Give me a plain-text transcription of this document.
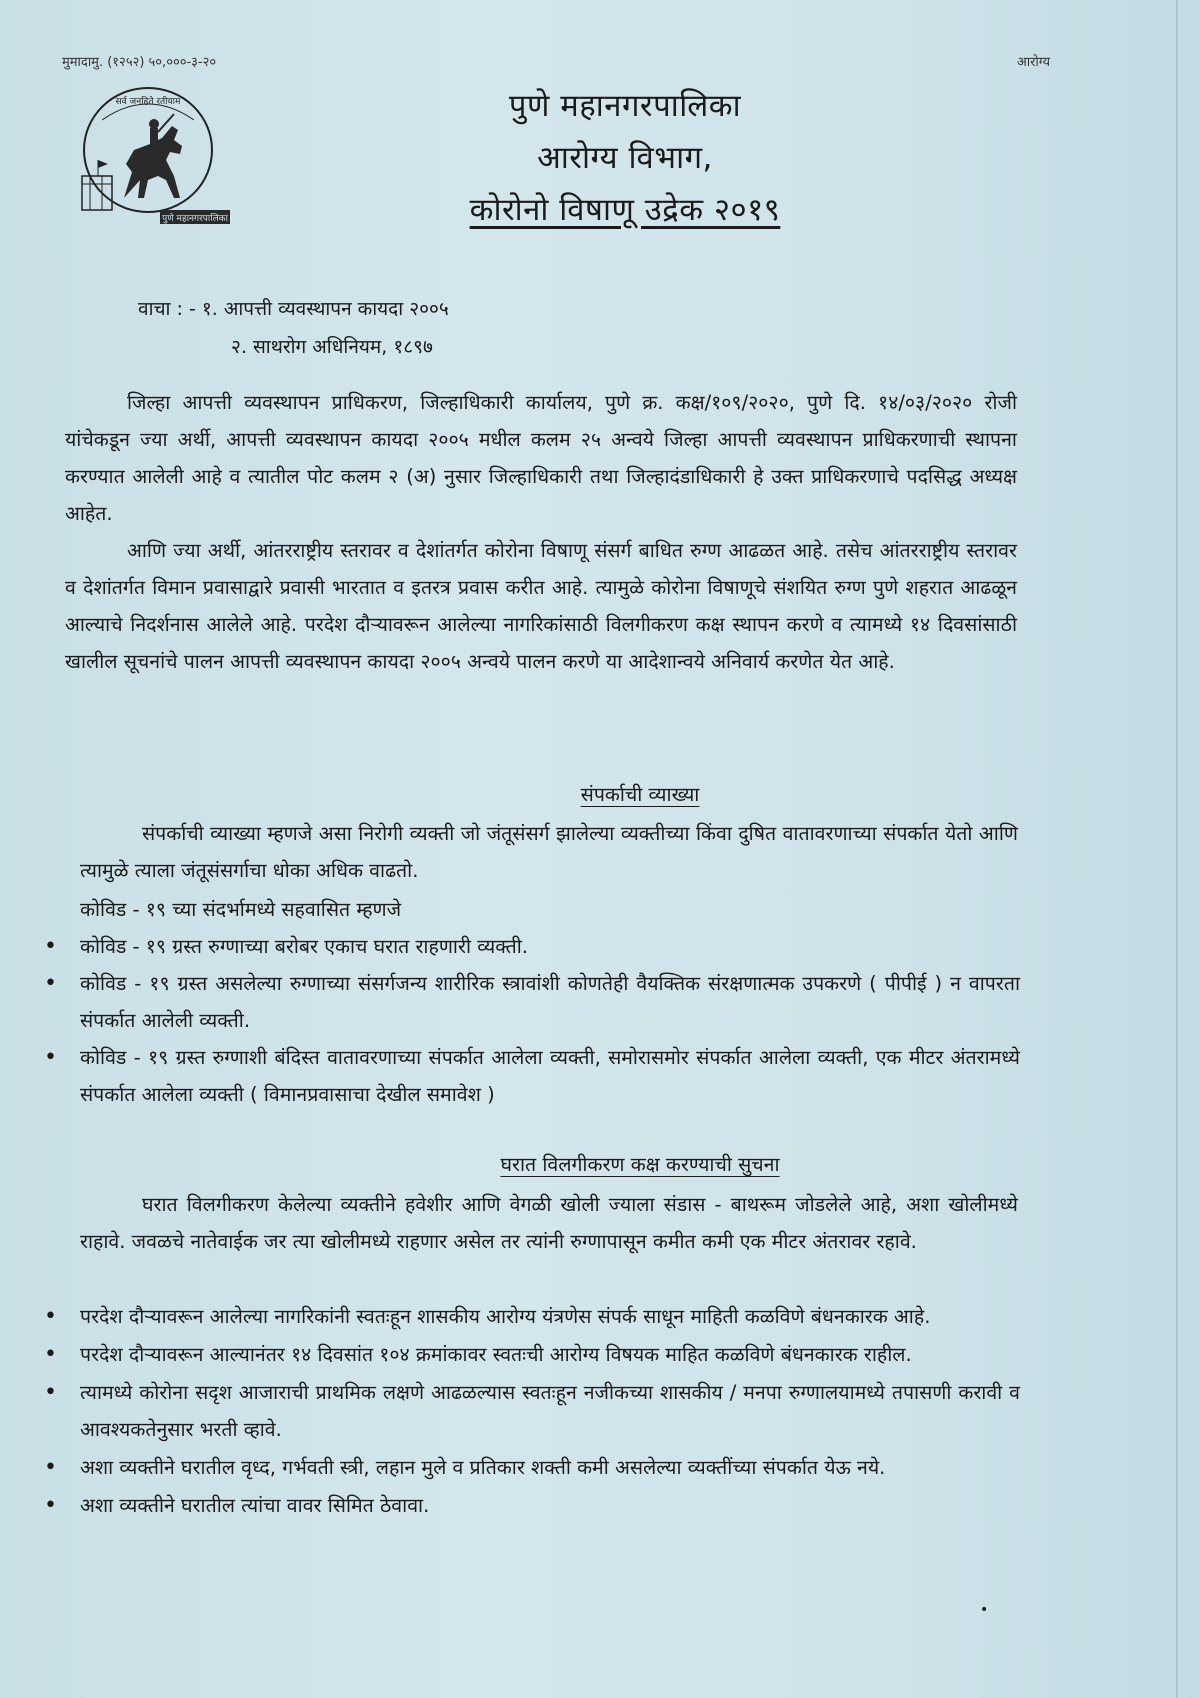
मुमादामु. (१२५२) ५०,०००-३-२०	आरोग्य
सर्व जनहिते रतीयाम
पुणे महानगरपालिका
पुणे महानगरपालिका
आरोग्य विभाग,
कोरोनो विषाणू उद्रेक २०१९
वाचा : - १. आपत्ती व्यवस्थापन कायदा २००५
२. साथरोग अधिनियम, १८९७
जिल्हा आपत्ती व्यवस्थापन प्राधिकरण, जिल्हाधिकारी कार्यालय, पुणे क्र. कक्ष/१०९/२०२०, पुणे दि. १४/०३/२०२० रोजी यांचेकडून ज्या अर्थी, आपत्ती व्यवस्थापन कायदा २००५ मधील कलम २५ अन्वये जिल्हा आपत्ती व्यवस्थापन प्राधिकरणाची स्थापना करण्यात आलेली आहे व त्यातील पोट कलम २ (अ) नुसार जिल्हाधिकारी तथा जिल्हादंडाधिकारी हे उक्त प्राधिकरणाचे पदसिद्ध अध्यक्ष आहेत.
आणि ज्या अर्थी, आंतरराष्ट्रीय स्तरावर व देशांतर्गत कोरोना विषाणू संसर्ग बाधित रुग्ण आढळत आहे. तसेच आंतरराष्ट्रीय स्तरावर व देशांतर्गत विमान प्रवासाद्वारे प्रवासी भारतात व इतरत्र प्रवास करीत आहे. त्यामुळे कोरोना विषाणूचे संशयित रुग्ण पुणे शहरात आढळून आल्याचे निदर्शनास आलेले आहे. परदेश दौऱ्यावरून आलेल्या नागरिकांसाठी विलगीकरण कक्ष स्थापन करणे व त्यामध्ये १४ दिवसांसाठी खालील सूचनांचे पालन आपत्ती व्यवस्थापन कायदा २००५ अन्वये पालन करणे या आदेशान्वये अनिवार्य करणेत येत आहे.
संपर्काची व्याख्या
संपर्काची व्याख्या म्हणजे असा निरोगी व्यक्ती जो जंतूसंसर्ग झालेल्या व्यक्तीच्या किंवा दुषित वातावरणाच्या संपर्कात येतो आणि त्यामुळे त्याला जंतूसंसर्गाचा धोका अधिक वाढतो.
कोविड - १९ च्या संदर्भामध्ये सहवासित म्हणजे
• कोविड - १९ ग्रस्त रुग्णाच्या बरोबर एकाच घरात राहणारी व्यक्ती.
• कोविड - १९ ग्रस्त असलेल्या रुग्णाच्या संसर्गजन्य शारीरिक स्त्रावांशी कोणतेही वैयक्तिक संरक्षणात्मक उपकरणे ( पीपीई ) न वापरता संपर्कात आलेली व्यक्ती.
• कोविड - १९ ग्रस्त रुग्णाशी बंदिस्त वातावरणाच्या संपर्कात आलेला व्यक्ती, समोरासमोर संपर्कात आलेला व्यक्ती, एक मीटर अंतरामध्ये संपर्कात आलेला व्यक्ती ( विमानप्रवासाचा देखील समावेश )
घरात विलगीकरण कक्ष करण्याची सुचना
घरात विलगीकरण केलेल्या व्यक्तीने हवेशीर आणि वेगळी खोली ज्याला संडास - बाथरूम जोडलेले आहे, अशा खोलीमध्ये राहावे. जवळचे नातेवाईक जर त्या खोलीमध्ये राहणार असेल तर त्यांनी रुग्णापासून कमीत कमी एक मीटर अंतरावर रहावे.
• परदेश दौऱ्यावरून आलेल्या नागरिकांनी स्वतःहून शासकीय आरोग्य यंत्रणेस संपर्क साधून माहिती कळविणे बंधनकारक आहे.
• परदेश दौऱ्यावरून आल्यानंतर १४ दिवसांत १०४ क्रमांकावर स्वतःची आरोग्य विषयक माहित कळविणे बंधनकारक राहील.
• त्यामध्ये कोरोना सदृश आजाराची प्राथमिक लक्षणे आढळल्यास स्वतःहून नजीकच्या शासकीय / मनपा रुग्णालयामध्ये तपासणी करावी व आवश्यकतेनुसार भरती व्हावे.
• अशा व्यक्तीने घरातील वृध्द, गर्भवती स्त्री, लहान मुले व प्रतिकार शक्ती कमी असलेल्या व्यक्तींच्या संपर्कात येऊ नये.
• अशा व्यक्तीने घरातील त्यांचा वावर सिमित ठेवावा.
•
